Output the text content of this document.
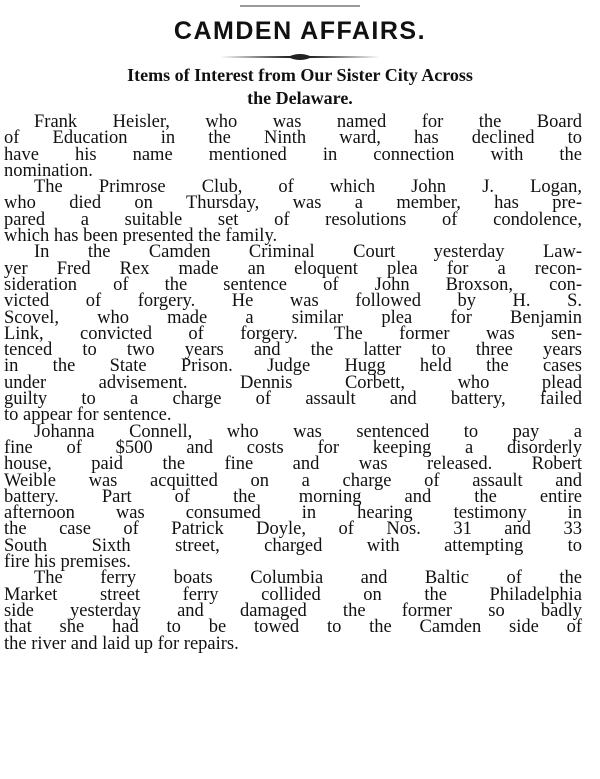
CAMDEN AFFAIRS.
Items of Interest from Our Sister City Across
the Delaware.

Frank Heisler, who was named for the Board
of Education in the Ninth ward, has declined to
have his name mentioned in connection with the
nomination.

The Primrose Club, of which John J. Logan,
who died on Thursday, was a member, has pre-
pared a suitable set of resolutions of condolence,
which has been presented the family.

In the Camden Criminal Court yesterday Law-
yer Fred Rex made an eloquent plea for a recon-
sideration of the sentence of John Broxson, con-
victed of forgery. He was followed by H. S.
Scovel, who made a similar plea for Benjamin
Link, convicted of forgery. The former was sen-
tenced to two years and the latter to three years
in the State Prison. Judge Hugg held the cases
under advisement. Dennis Corbett, who plead
guilty to a charge of assault and battery, failed
to appear for sentence.

Johanna Connell, who was sentenced to pay a
fine of $500 and costs for keeping a disorderly
house, paid the fine and was released. Robert
Weible was acquitted on a charge of assault and
battery. Part of the morning and the entire
afternoon was consumed in hearing testimony in
the case of Patrick Doyle, of Nos. 31 and 33
South Sixth street, charged with attempting to
fire his premises.

The ferry boats Columbia and Baltic of the
Market street ferry collided on the Philadelphia
side yesterday and damaged the former so badly
that she had to be towed to the Camden side of
the river and laid up for repairs.
